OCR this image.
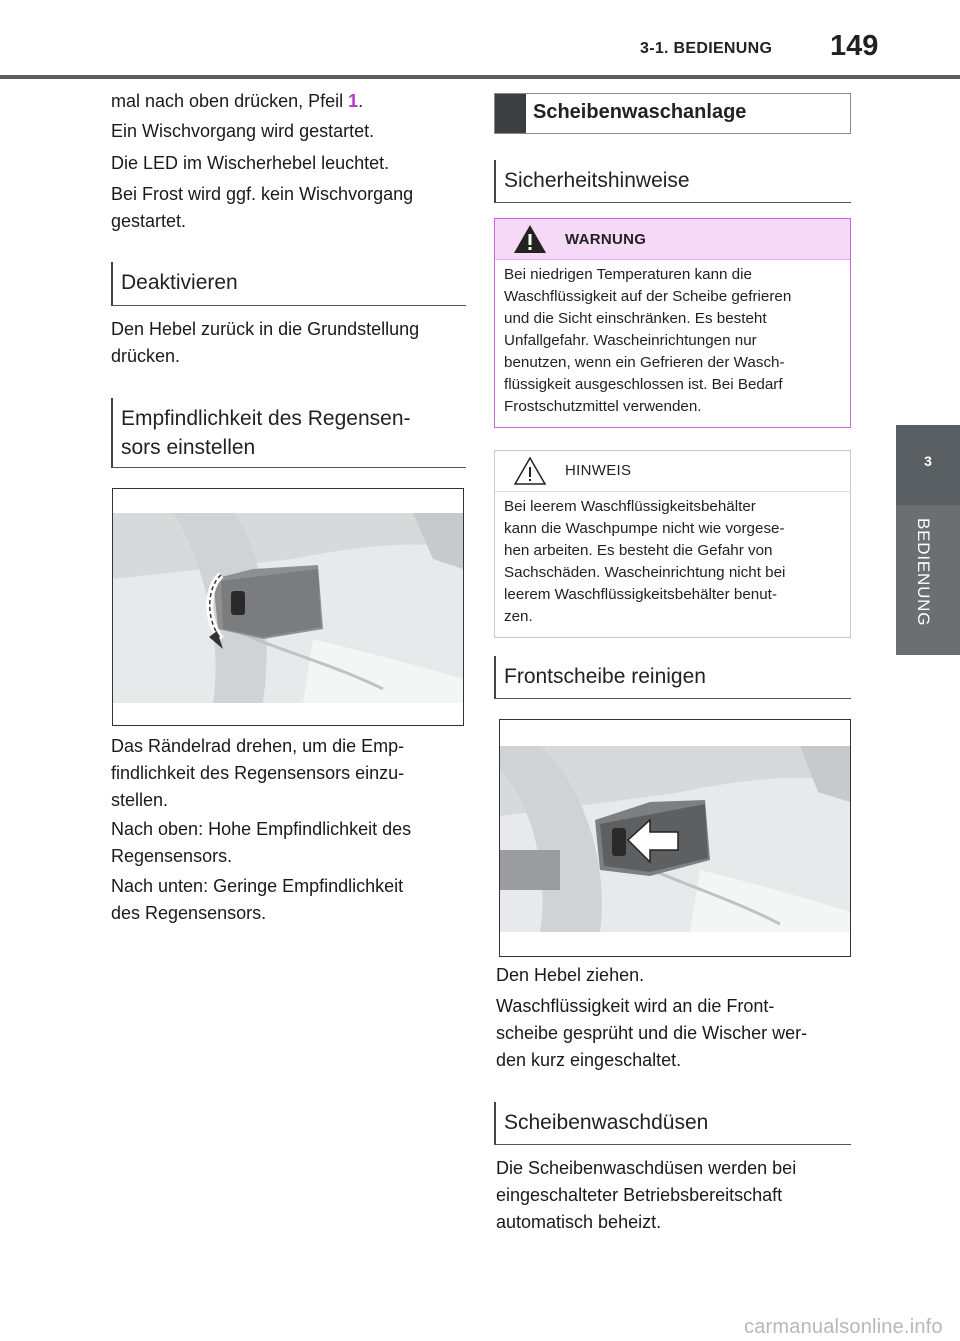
3-1. BEDIENUNG 149
3
BEDIENUNG
mal nach oben drücken, Pfeil 1.
Ein Wischvorgang wird gestartet.
Die LED im Wischerhebel leuchtet.
Bei Frost wird ggf. kein Wischvorgang
gestartet.
Deaktivieren
Den Hebel zurück in die Grundstellung
drücken.
Empfindlichkeit des Regensen-
sors einstellen
Das Rändelrad drehen, um die Emp-
findlichkeit des Regensensors einzu-
stellen.
Nach oben: Hohe Empfindlichkeit des
Regensensors.
Nach unten: Geringe Empfindlichkeit
des Regensensors.
Scheibenwaschanlage
Sicherheitshinweise
WARNUNG
Bei niedrigen Temperaturen kann die
Waschflüssigkeit auf der Scheibe gefrieren
und die Sicht einschränken. Es besteht
Unfallgefahr. Wascheinrichtungen nur
benutzen, wenn ein Gefrieren der Wasch-
flüssigkeit ausgeschlossen ist. Bei Bedarf
Frostschutzmittel verwenden.
HINWEIS
Bei leerem Waschflüssigkeitsbehälter
kann die Waschpumpe nicht wie vorgese-
hen arbeiten. Es besteht die Gefahr von
Sachschäden. Wascheinrichtung nicht bei
leerem Waschflüssigkeitsbehälter benut-
zen.
Frontscheibe reinigen
Den Hebel ziehen.
Waschflüssigkeit wird an die Front-
scheibe gesprüht und die Wischer wer-
den kurz eingeschaltet.
Scheibenwaschdüsen
Die Scheibenwaschdüsen werden bei
eingeschalteter Betriebsbereitschaft
automatisch beheizt.
carmanualsonline.info
